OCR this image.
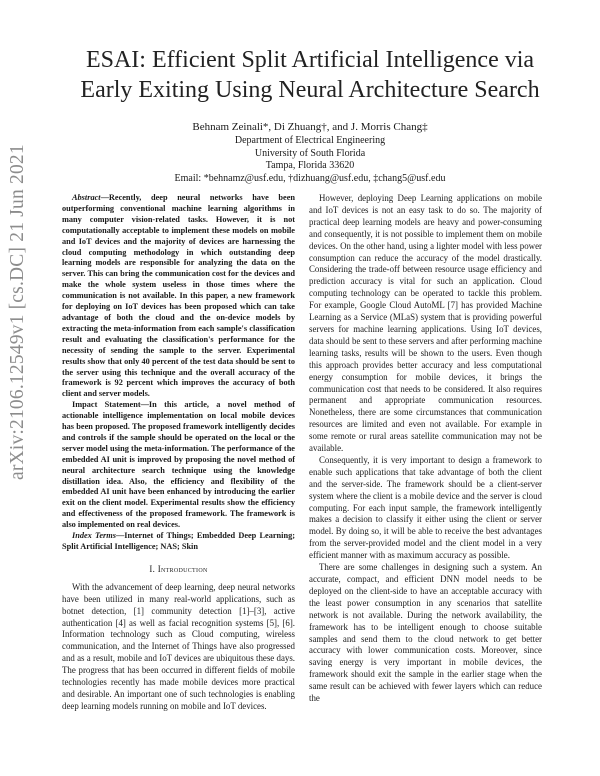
arXiv:2106.12549v1 [cs.DC] 21 Jun 2021
ESAI: Efficient Split Artificial Intelligence via Early Exiting Using Neural Architecture Search
Behnam Zeinali*, Di Zhuang†, and J. Morris Chang‡
Department of Electrical Engineering
University of South Florida
Tampa, Florida 33620
Email: *behnamz@usf.edu, †dizhuang@usf.edu, ‡chang5@usf.edu

Abstract—Recently, deep neural networks have been outperforming conventional machine learning algorithms in many computer vision-related tasks. However, it is not computationally acceptable to implement these models on mobile and IoT devices and the majority of devices are harnessing the cloud computing methodology in which outstanding deep learning models are responsible for analyzing the data on the server. This can bring the communication cost for the devices and make the whole system useless in those times where the communication is not available. In this paper, a new framework for deploying on IoT devices has been proposed which can take advantage of both the cloud and the on-device models by extracting the meta-information from each sample's classification result and evaluating the classification's performance for the necessity of sending the sample to the server. Experimental results show that only 40 percent of the test data should be sent to the server using this technique and the overall accuracy of the framework is 92 percent which improves the accuracy of both client and server models.

Impact Statement—In this article, a novel method of actionable intelligence implementation on local mobile devices has been proposed. The proposed framework intelligently decides and controls if the sample should be operated on the local or the server model using the meta-information. The performance of the embedded AI unit is improved by proposing the novel method of neural architecture search technique using the knowledge distillation idea. Also, the efficiency and flexibility of the embedded AI unit have been enhanced by introducing the earlier exit on the client model. Experimental results show the efficiency and effectiveness of the proposed framework. The framework is also implemented on real devices.

Index Terms—Internet of Things; Embedded Deep Learning; Split Artificial Intelligence; NAS; Skin

I. Introduction

With the advancement of deep learning, deep neural networks have been utilized in many real-world applications, such as botnet detection, [1] community detection [1]–[3], active authentication [4] as well as facial recognition systems [5], [6]. Information technology such as Cloud computing, wireless communication, and the Internet of Things have also progressed and as a result, mobile and IoT devices are ubiquitous these days. The progress that has been occurred in different fields of mobile technologies recently has made mobile devices more practical and desirable. An important one of such technologies is enabling deep learning models running on mobile and IoT devices.

However, deploying Deep Learning applications on mobile and IoT devices is not an easy task to do so. The majority of practical deep learning models are heavy and power-consuming and consequently, it is not possible to implement them on mobile devices. On the other hand, using a lighter model with less power consumption can reduce the accuracy of the model drastically. Considering the trade-off between resource usage efficiency and prediction accuracy is vital for such an application. Cloud computing technology can be operated to tackle this problem. For example, Google Cloud AutoML [7] has provided Machine Learning as a Service (MLaS) system that is providing powerful servers for machine learning applications. Using IoT devices, data should be sent to these servers and after performing machine learning tasks, results will be shown to the users. Even though this approach provides better accuracy and less computational energy consumption for mobile devices, it brings the communication cost that needs to be considered. It also requires permanent and appropriate communication resources. Nonetheless, there are some circumstances that communication resources are limited and even not available. For example in some remote or rural areas satellite communication may not be available.

Consequently, it is very important to design a framework to enable such applications that take advantage of both the client and the server-side. The framework should be a client-server system where the client is a mobile device and the server is cloud computing. For each input sample, the framework intelligently makes a decision to classify it either using the client or server model. By doing so, it will be able to receive the best advantages from the server-provided model and the client model in a very efficient manner with as maximum accuracy as possible.

There are some challenges in designing such a system. An accurate, compact, and efficient DNN model needs to be deployed on the client-side to have an acceptable accuracy with the least power consumption in any scenarios that satellite network is not available. During the network availability, the framework has to be intelligent enough to choose suitable samples and send them to the cloud network to get better accuracy with lower communication costs. Moreover, since saving energy is very important in mobile devices, the framework should exit the sample in the earlier stage when the same result can be achieved with fewer layers which can reduce the
